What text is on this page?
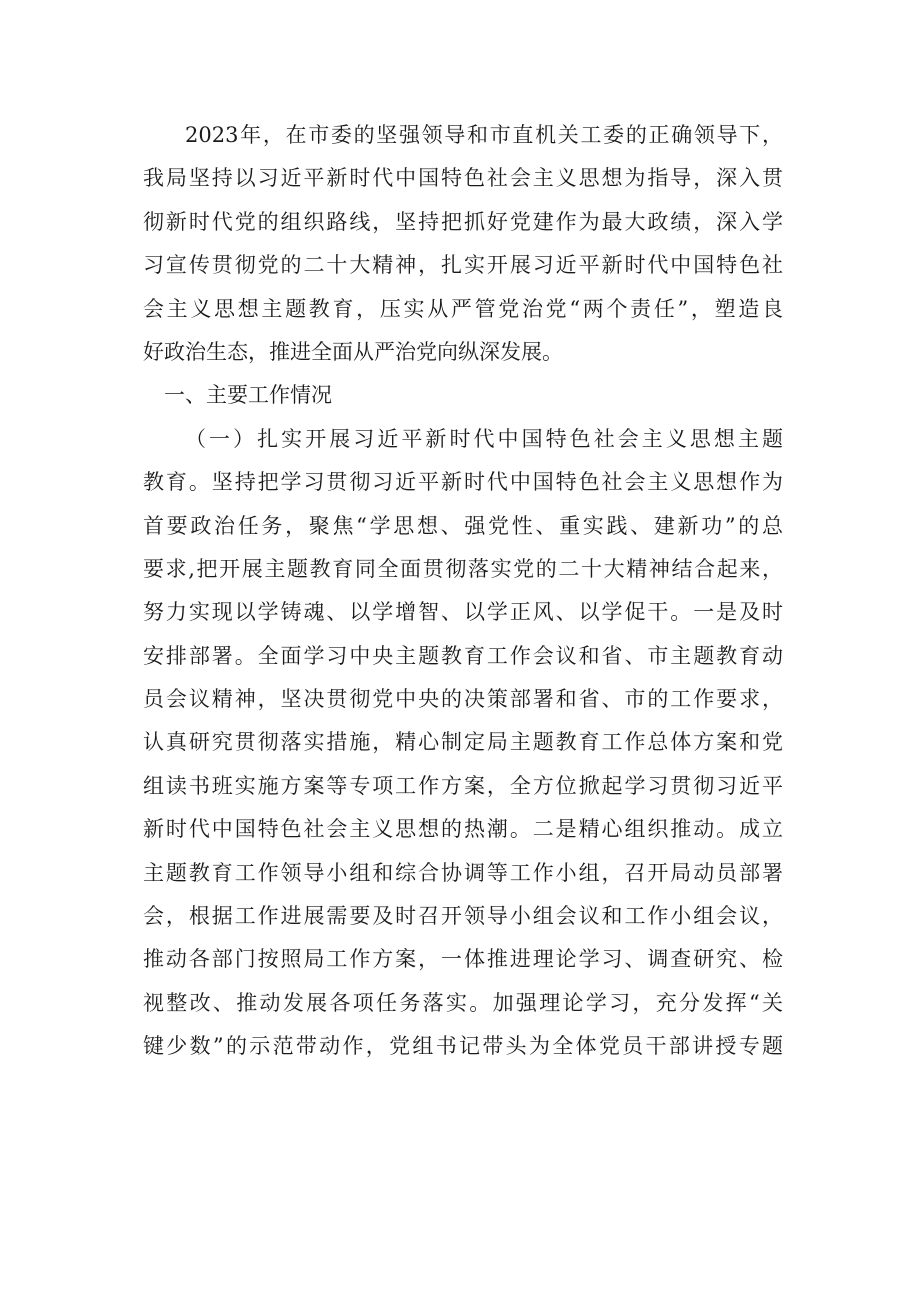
2023年，在市委的坚强领导和市直机关工委的正确领导下，
我局坚持以习近平新时代中国特色社会主义思想为指导，深入贯
彻新时代党的组织路线，坚持把抓好党建作为最大政绩，深入学
习宣传贯彻党的二十大精神，扎实开展习近平新时代中国特色社
会主义思想主题教育，压实从严管党治党“两个责任”，塑造良
好政治生态，推进全面从严治党向纵深发展。
一、主要工作情况
（一）扎实开展习近平新时代中国特色社会主义思想主题
教育。坚持把学习贯彻习近平新时代中国特色社会主义思想作为
首要政治任务，聚焦“学思想、强党性、重实践、建新功”的总
要求,把开展主题教育同全面贯彻落实党的二十大精神结合起来，
努力实现以学铸魂、以学增智、以学正风、以学促干。一是及时
安排部署。全面学习中央主题教育工作会议和省、市主题教育动
员会议精神，坚决贯彻党中央的决策部署和省、市的工作要求，
认真研究贯彻落实措施，精心制定局主题教育工作总体方案和党
组读书班实施方案等专项工作方案，全方位掀起学习贯彻习近平
新时代中国特色社会主义思想的热潮。二是精心组织推动。成立
主题教育工作领导小组和综合协调等工作小组，召开局动员部署
会，根据工作进展需要及时召开领导小组会议和工作小组会议，
推动各部门按照局工作方案，一体推进理论学习、调查研究、检
视整改、推动发展各项任务落实。加强理论学习，充分发挥“关
键少数”的示范带动作，党组书记带头为全体党员干部讲授专题
